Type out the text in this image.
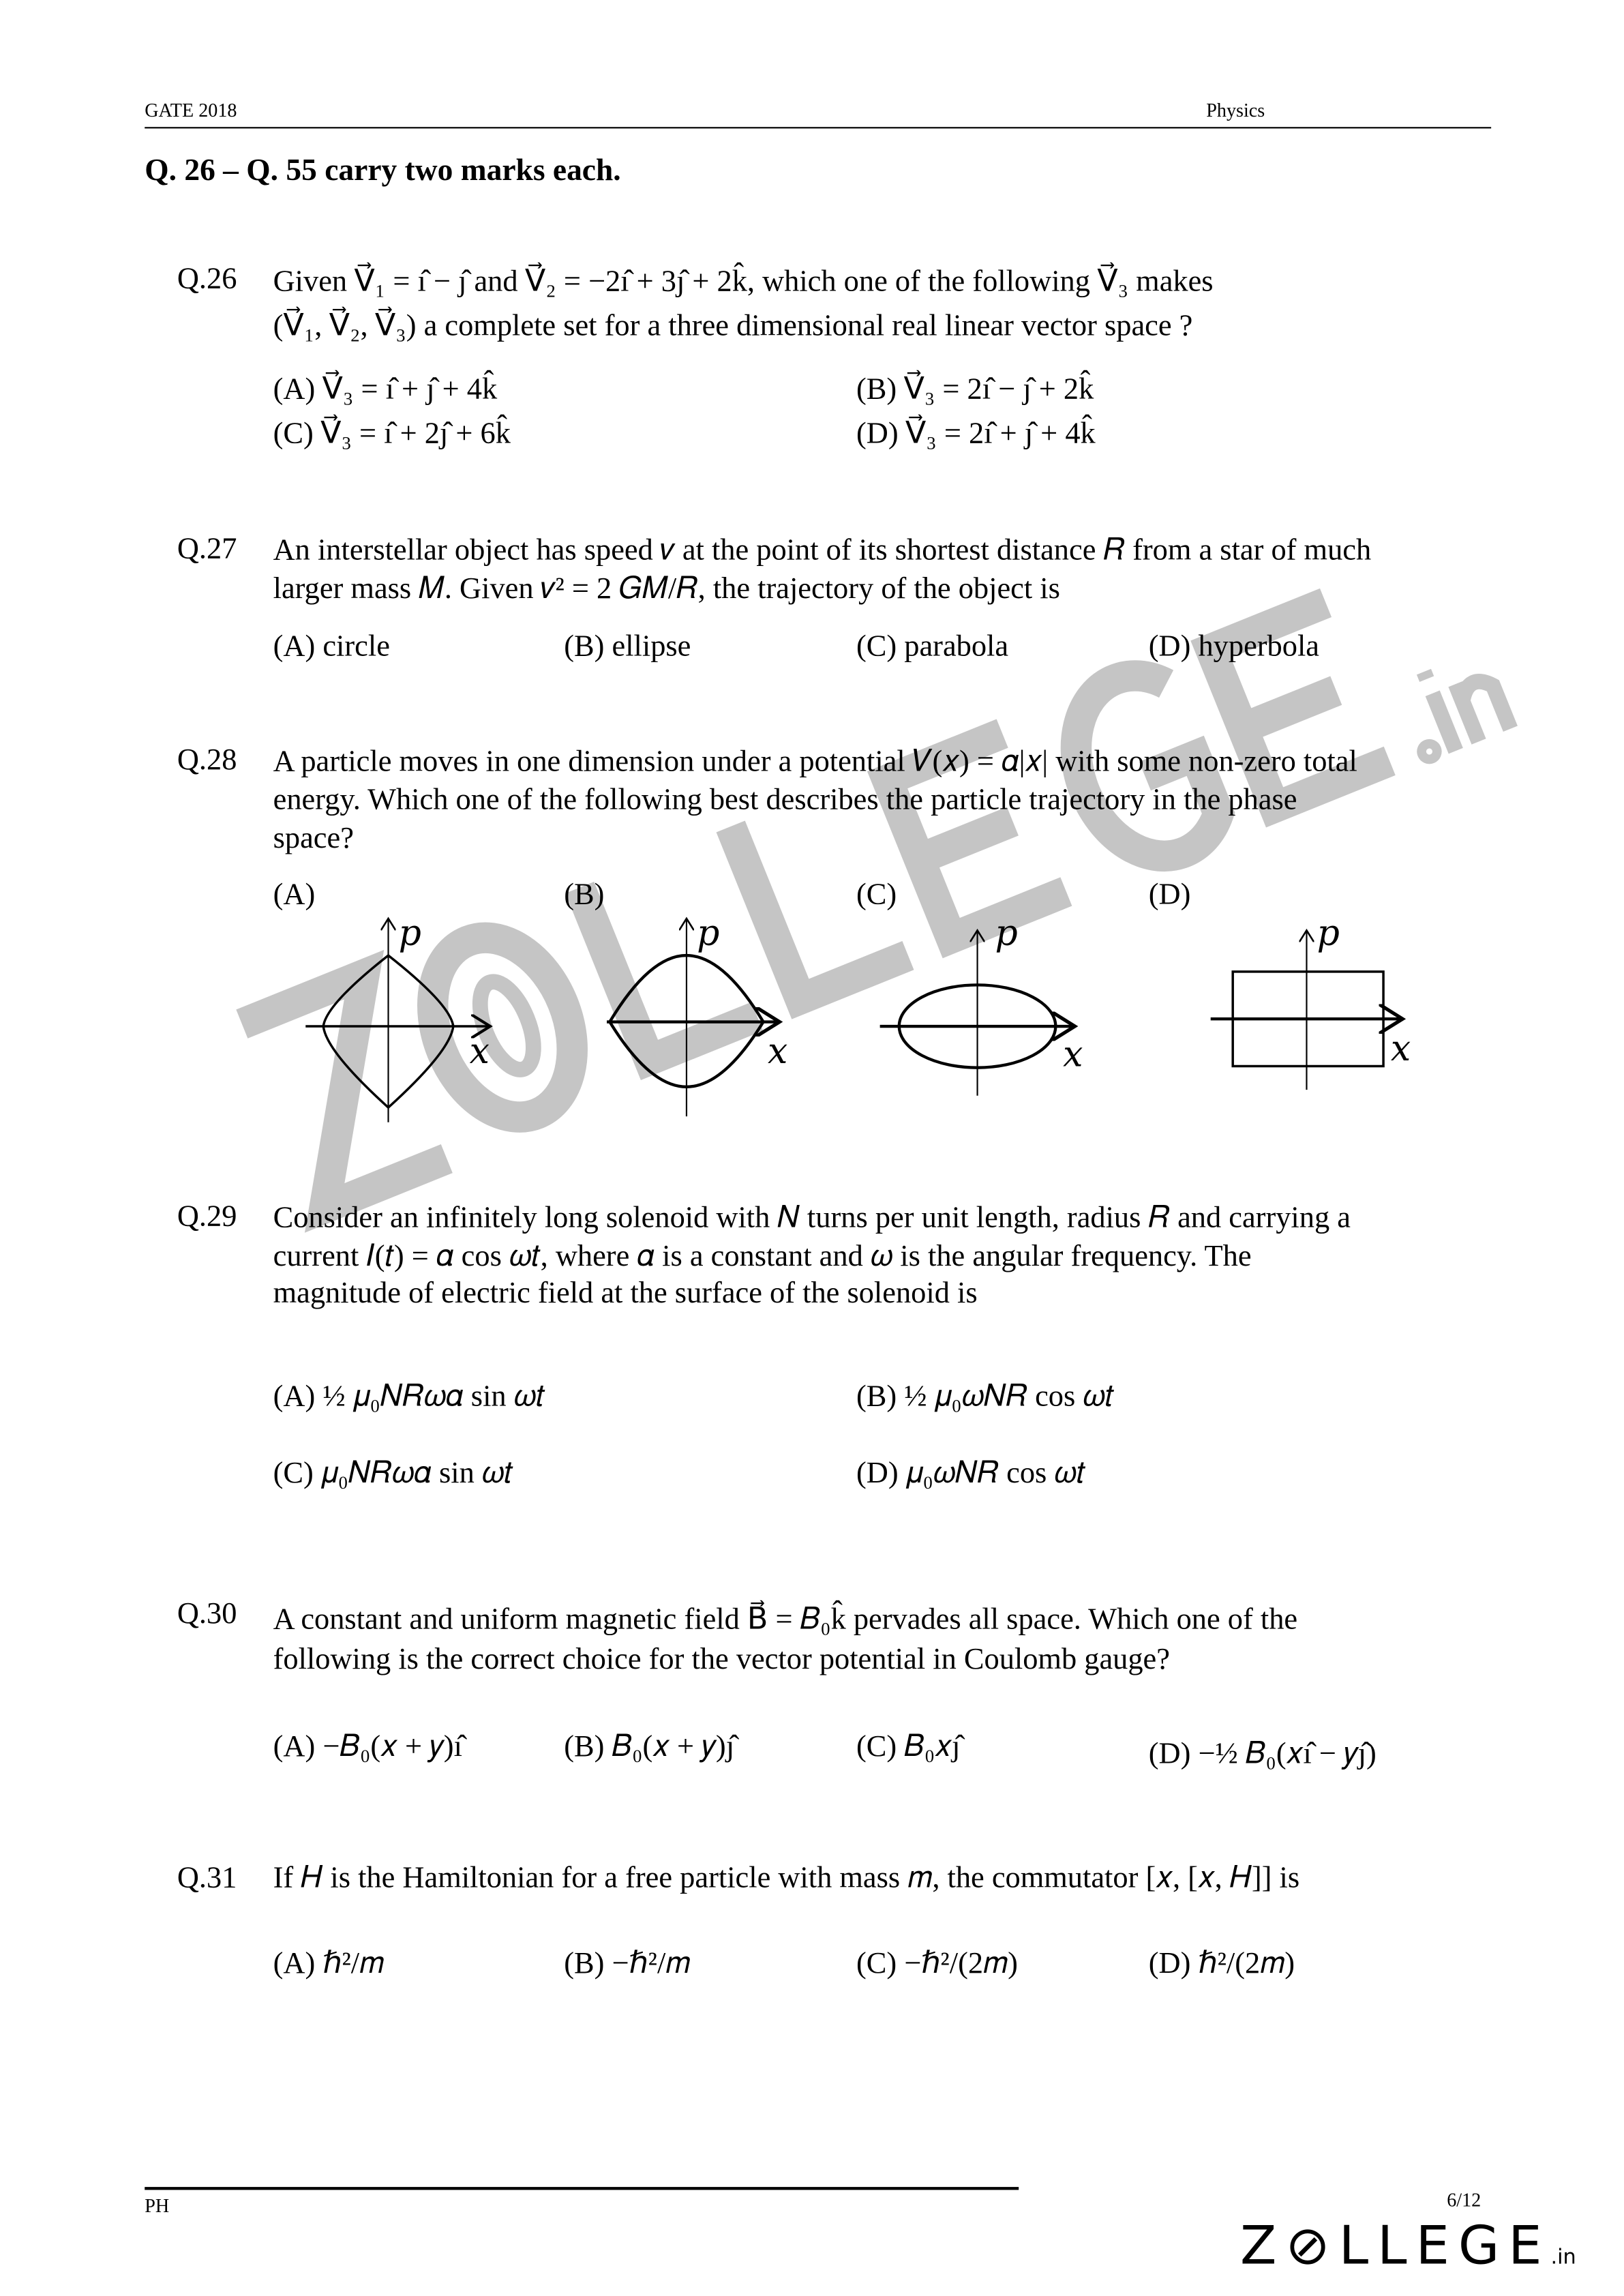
GATE 2018	Physics
Q. 26 – Q. 55 carry two marks each.
Q.26	Given V⃗₁ = ı̂ − ȷ̂ and V⃗₂ = −2ı̂ + 3ȷ̂ + 2k̂, which one of the following V⃗₃ makes
(V⃗₁, V⃗₂, V⃗₃) a complete set for a three dimensional real linear vector space ?
(A) V⃗₃ = ı̂ + ȷ̂ + 4k̂	(B) V⃗₃ = 2ı̂ − ȷ̂ + 2k̂
(C) V⃗₃ = ı̂ + 2ȷ̂ + 6k̂	(D) V⃗₃ = 2ı̂ + ȷ̂ + 4k̂
Q.27	An interstellar object has speed 𝑣 at the point of its shortest distance 𝑅 from a star of much
larger mass 𝑀. Given 𝑣² = 2 𝐺𝑀/𝑅, the trajectory of the object is
(A) circle	(B) ellipse	(C) parabola	(D) hyperbola
Q.28	A particle moves in one dimension under a potential 𝑉(𝑥) = 𝛼|𝑥| with some non-zero total
energy. Which one of the following best describes the particle trajectory in the phase
space?
(A)	(B)	(C)	(D)
p
x
p
x
p
x
p
x
Q.29	Consider an infinitely long solenoid with 𝑁 turns per unit length, radius 𝑅 and carrying a
current 𝐼(𝑡) = 𝛼 cos 𝜔𝑡, where 𝛼 is a constant and 𝜔 is the angular frequency. The
magnitude of electric field at the surface of the solenoid is
(A) ½ 𝜇₀𝑁𝑅𝜔𝛼 sin 𝜔𝑡	(B) ½ 𝜇₀𝜔𝑁𝑅 cos 𝜔𝑡
(C) 𝜇₀𝑁𝑅𝜔𝛼 sin 𝜔𝑡	(D) 𝜇₀𝜔𝑁𝑅 cos 𝜔𝑡
Q.30	A constant and uniform magnetic field B⃗ = 𝐵₀k̂ pervades all space. Which one of the
following is the correct choice for the vector potential in Coulomb gauge?
(A) −𝐵₀(𝑥 + 𝑦)ı̂	(B) 𝐵₀(𝑥 + 𝑦)ȷ̂	(C) 𝐵₀𝑥ȷ̂	(D) −½ 𝐵₀(𝑥ı̂ − 𝑦ȷ̂)
Q.31	If 𝐻 is the Hamiltonian for a free particle with mass 𝑚, the commutator [𝑥, [𝑥, 𝐻]] is
(A) ℏ²/𝑚	(B) −ℏ²/𝑚	(C) −ℏ²/(2𝑚)	(D) ℏ²/(2𝑚)
PH	6/12
Z⊘LLEGE.in
